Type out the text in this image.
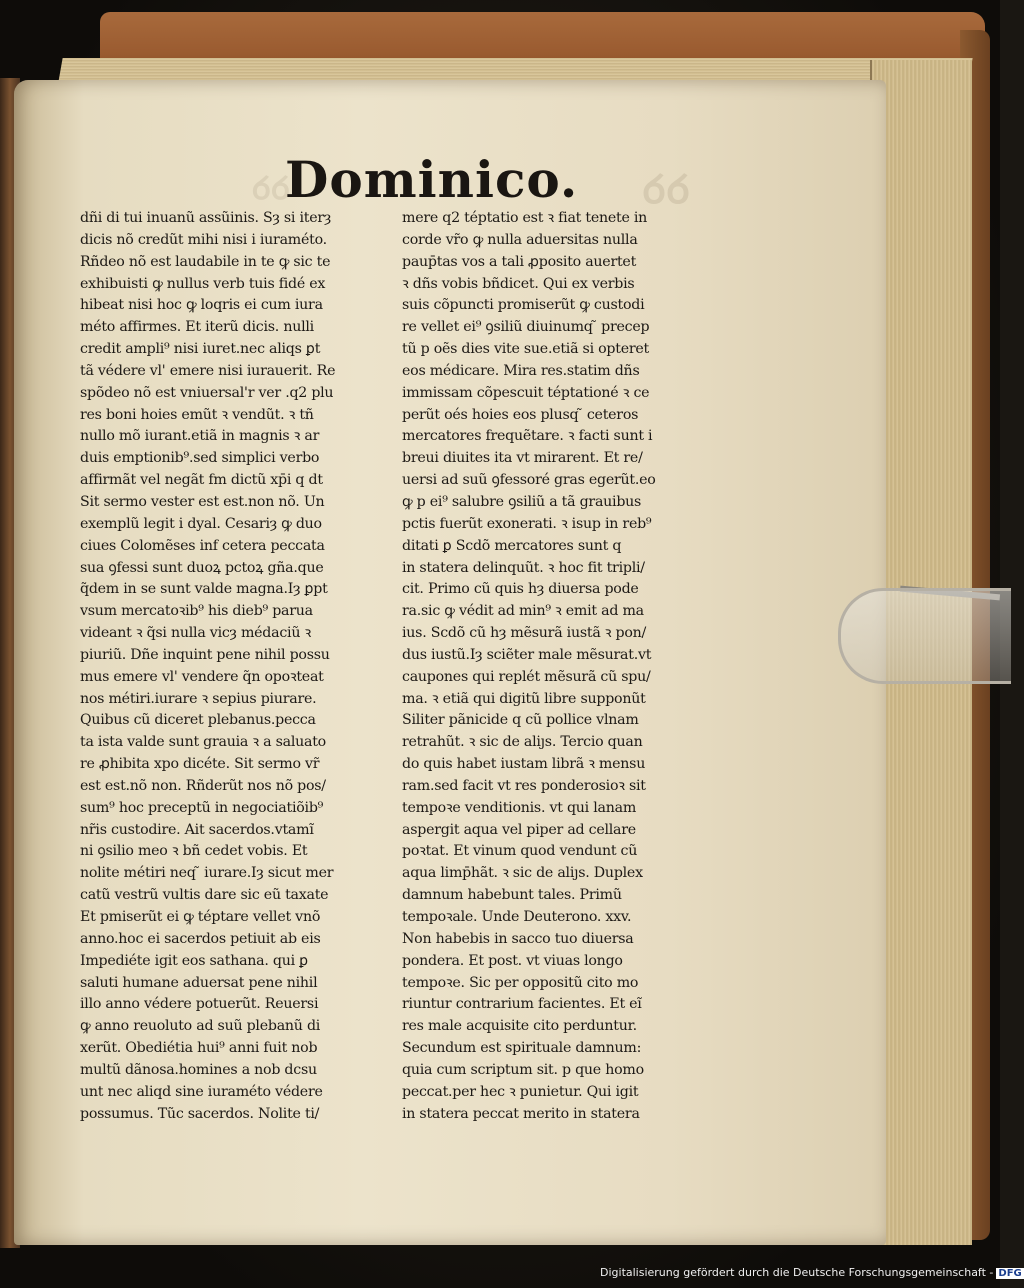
ꝺꝺ
Dominico.	ꝺꝺ
dñi di tui inuanũ assũinis. Sȝ si iterȝ
dicis nõ credũt mihi nisi i iuraméto.
Rñdeo nõ est laudabile in te ꝙ sic te
exhibuisti ꝙ nullus verb tuis fidé ex
hibeat nisi hoc ꝙ loqris ei cum iura
méto affirmes. Et iterũ dicis. nulli
credit ampli⁹ nisi iuret.nec aliqs ꝑt
tã védere vl' emere nisi iurauerit. Re
spõdeo nõ est vniuersal'r ver .q2 plu
res boni hoies emũt ꝛ vendũt. ꝛ tñ
nullo mõ iurant.etiã in magnis ꝛ ar
duis emptionib⁹.sed simplici verbo
affirmãt vel negãt fm dictũ xp̄i q dt
Sit sermo vester est est.non nõ. Un
exemplũ legit i dyal. Cesariȝ ꝙ duo
ciues Colomẽses inf cetera peccata
sua ꝯfessi sunt duoꝝ pctoꝝ gña.que
q̃dem in se sunt valde magna.Iȝ ꝑpt
vsum mercatoꝛib⁹ his dieb⁹ parua
videant ꝛ q̃si nulla vicȝ médaciũ ꝛ
piuriũ. Dñe inquint pene nihil possu
mus emere vl' vendere q̃n opoꝛteat
nos métiri.iurare ꝛ sepius piurare.
Quibus cũ diceret plebanus.pecca
ta ista valde sunt grauia ꝛ a saluato
re ꝓhibita xpo dicéte. Sit sermo vr̃
est est.nõ non. Rñderũt nos nõ pos/
sum⁹ hoc preceptũ in negociatiõib⁹
nr̃is custodire. Ait sacerdos.vtamĩ
ni ꝯsilio meo ꝛ bñ cedet vobis. Et
nolite métiri neq ̃ iurare.Iȝ sicut mer
catũ vestrũ vultis dare sic eũ taxate
Et pmiserũt ei ꝙ téptare vellet vnõ
anno.hoc ei sacerdos petiuit ab eis
Impediéte igit eos sathana. qui ꝑ
saluti humane aduersat pene nihil
illo anno védere potuerũt. Reuersi
ꝙ anno reuoluto ad suũ plebanũ di
xerũt. Obediétia hui⁹ anni fuit nob
multũ dãnosa.homines a nob dcsu
unt nec aliqd sine iuraméto védere
possumus. Tũc sacerdos. Nolite ti/
mere q2 téptatio est ꝛ fiat tenete in
corde vr̃o ꝙ nulla aduersitas nulla
paup̄tas vos a tali ꝓposito auertet
ꝛ dñs vobis bñdicet. Qui ex verbis
suis cõpuncti promiserũt ꝙ custodi
re vellet ei⁹ ꝯsiliũ diuinumq ̃ precep
tũ p oẽs dies vite sue.etiã si opteret
eos médicare. Mira res.statim dñs
immissam cõpescuit téptationé ꝛ ce
perũt oés hoies eos plusq ̃ ceteros
mercatores frequẽtare. ꝛ facti sunt i
breui diuites ita vt mirarent. Et re/
uersi ad suũ ꝯfessoré gras egerũt.eo
ꝙ p ei⁹ salubre ꝯsiliũ a tã grauibus
pctis fuerũt exonerati. ꝛ isup in reb⁹
ditati ꝑ Scdõ mercatores sunt q
in statera delinquũt. ꝛ hoc fit tripli/
cit. Primo cũ quis hȝ diuersa pode
ra.sic ꝙ védit ad min⁹ ꝛ emit ad ma
ius. Scdõ cũ hȝ mẽsurã iustã ꝛ pon/
dus iustũ.Iȝ sciẽter male mẽsurat.vt
caupones qui replét mẽsurã cũ spu/
ma. ꝛ etiã qui digitũ libre supponũt
Siliter pãnicide q cũ pollice vlnam
retrahũt. ꝛ sic de aliȷs. Tercio quan
do quis habet iustam librã ꝛ mensu
ram.sed facit vt res ponderosioꝛ sit
tempoꝛe venditionis. vt qui lanam
aspergit aqua vel piper ad cellare
poꝛtat. Et vinum quod vendunt cũ
aqua limp̄hãt. ꝛ sic de aliȷs. Duplex
damnum habebunt tales. Primũ
tempoꝛale. Unde Deuterono. xxv.
Non habebis in sacco tuo diuersa
pondera. Et post. vt viuas longo
tempoꝛe. Sic per oppositũ cito mo
riuntur contrarium facientes. Et eĩ
res male acquisite cito perduntur.
Secundum est spirituale damnum:
quia cum scriptum sit. p que homo
peccat.per hec ꝛ punietur. Qui igit
in statera peccat merito in statera
Digitalisierung gefördert durch die Deutsche Forschungsgemeinschaft - DFG
